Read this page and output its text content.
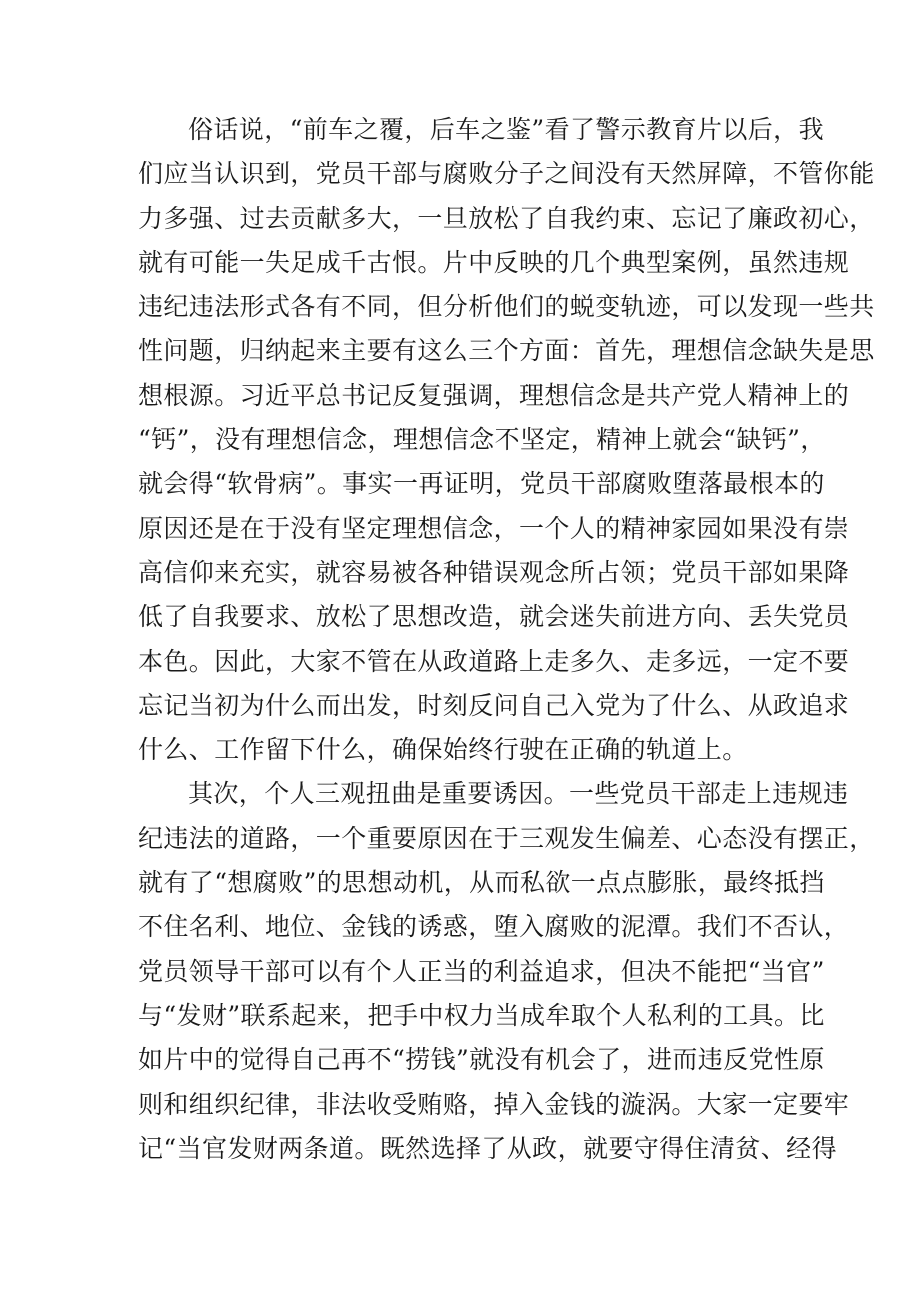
俗话说，“前车之覆，后车之鉴”看了警示教育片以后，我
们应当认识到，党员干部与腐败分子之间没有天然屏障，不管你能
力多强、过去贡献多大，一旦放松了自我约束、忘记了廉政初心，
就有可能一失足成千古恨。片中反映的几个典型案例，虽然违规
违纪违法形式各有不同，但分析他们的蜕变轨迹，可以发现一些共
性问题，归纳起来主要有这么三个方面：首先，理想信念缺失是思
想根源。习近平总书记反复强调，理想信念是共产党人精神上的
“钙”，没有理想信念，理想信念不坚定，精神上就会“缺钙”，
就会得“软骨病”。事实一再证明，党员干部腐败堕落最根本的
原因还是在于没有坚定理想信念，一个人的精神家园如果没有崇
高信仰来充实，就容易被各种错误观念所占领；党员干部如果降
低了自我要求、放松了思想改造，就会迷失前进方向、丢失党员
本色。因此，大家不管在从政道路上走多久、走多远，一定不要
忘记当初为什么而出发，时刻反问自己入党为了什么、从政追求
什么、工作留下什么，确保始终行驶在正确的轨道上。
其次，个人三观扭曲是重要诱因。一些党员干部走上违规违
纪违法的道路，一个重要原因在于三观发生偏差、心态没有摆正，
就有了“想腐败”的思想动机，从而私欲一点点膨胀，最终抵挡
不住名利、地位、金钱的诱惑，堕入腐败的泥潭。我们不否认，
党员领导干部可以有个人正当的利益追求，但决不能把“当官”
与“发财”联系起来，把手中权力当成牟取个人私利的工具。比
如片中的觉得自己再不“捞钱”就没有机会了，进而违反党性原
则和组织纪律，非法收受贿赂，掉入金钱的漩涡。大家一定要牢
记“当官发财两条道。既然选择了从政，就要守得住清贫、经得
